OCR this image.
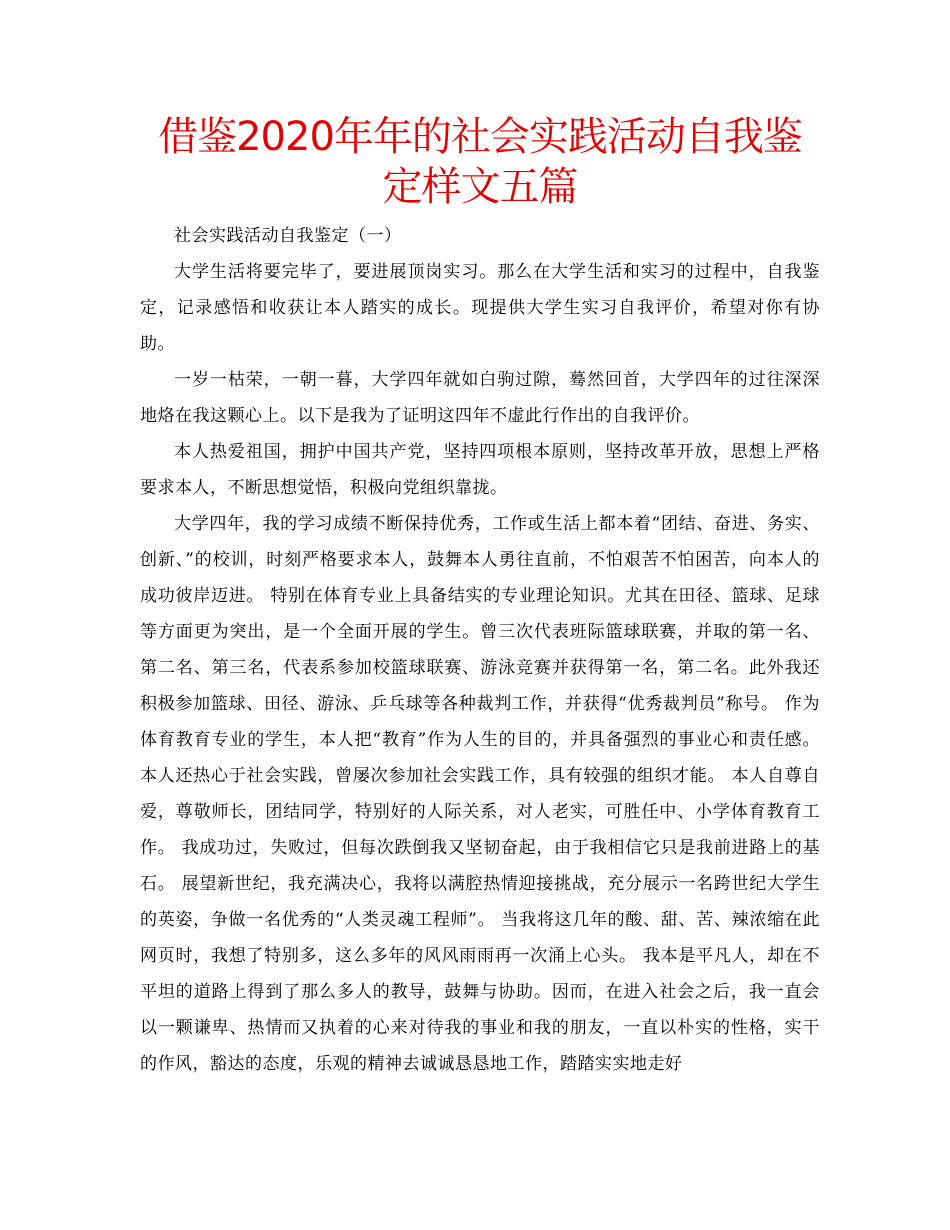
借鉴2020年年的社会实践活动自我鉴定样文五篇

社会实践活动自我鉴定（一）

大学生活将要完毕了，要进展顶岗实习。那么在大学生活和实习的过程中，自我鉴定，记录感悟和收获让本人踏实的成长。现提供大学生实习自我评价，希望对你有协助。

一岁一枯荣，一朝一暮，大学四年就如白驹过隙，蓦然回首，大学四年的过往深深地烙在我这颗心上。以下是我为了证明这四年不虚此行作出的自我评价。

本人热爱祖国，拥护中国共产党，坚持四项根本原则，坚持改革开放，思想上严格要求本人，不断思想觉悟，积极向党组织靠拢。

大学四年，我的学习成绩不断保持优秀，工作或生活上都本着“团结、奋进、务实、创新、”的校训，时刻严格要求本人，鼓舞本人勇往直前，不怕艰苦不怕困苦，向本人的成功彼岸迈进。 特别在体育专业上具备结实的专业理论知识。尤其在田径、篮球、足球等方面更为突出，是一个全面开展的学生。曾三次代表班际篮球联赛，并取的第一名、第二名、第三名，代表系参加校篮球联赛、游泳竞赛并获得第一名，第二名。此外我还积极参加篮球、田径、游泳、乒乓球等各种裁判工作，并获得“优秀裁判员”称号。 作为体育教育专业的学生，本人把“教育”作为人生的目的，并具备强烈的事业心和责任感。本人还热心于社会实践，曾屡次参加社会实践工作，具有较强的组织才能。 本人自尊自爱，尊敬师长，团结同学，特别好的人际关系，对人老实，可胜任中、小学体育教育工作。 我成功过，失败过，但每次跌倒我又坚韧奋起，由于我相信它只是我前进路上的基石。 展望新世纪，我充满决心，我将以满腔热情迎接挑战，充分展示一名跨世纪大学生的英姿，争做一名优秀的“人类灵魂工程师”。 当我将这几年的酸、甜、苦、辣浓缩在此网页时，我想了特别多，这么多年的风风雨雨再一次涌上心头。 我本是平凡人，却在不平坦的道路上得到了那么多人的教导，鼓舞与协助。因而，在进入社会之后，我一直会以一颗谦卑、热情而又执着的心来对待我的事业和我的朋友，一直以朴实的性格，实干的作风，豁达的态度，乐观的精神去诚诚恳恳地工作，踏踏实实地走好
